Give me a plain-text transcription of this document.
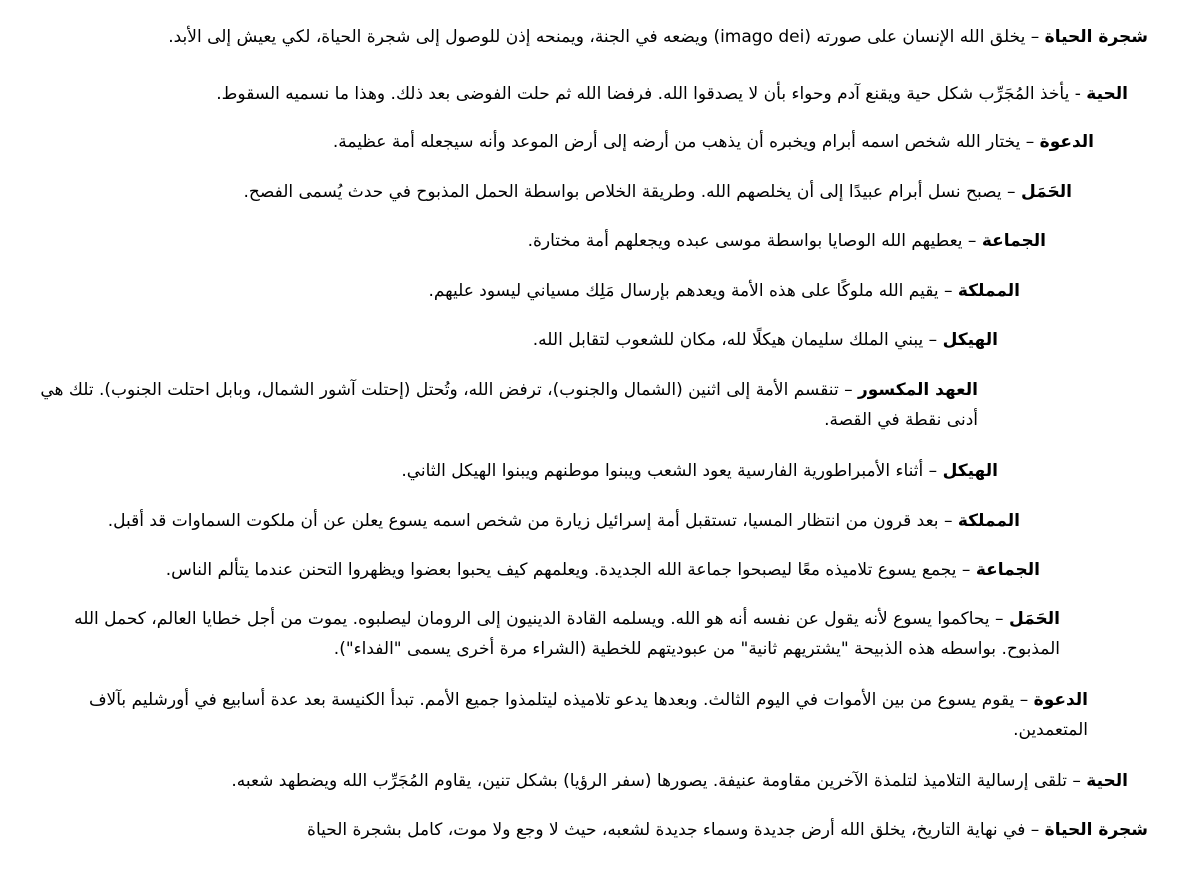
شجرة الحياة – يخلق الله الإنسان على صورته (imago dei) ويضعه في الجنة، ويمنحه إذن للوصول إلى شجرة الحياة، لكي يعيش إلى الأبد.

الحية - يأخذ المُجَرِّب شكل حية ويقنع آدم وحواء بأن لا يصدقوا الله. فرفضا الله ثم حلت الفوضى بعد ذلك. وهذا ما نسميه السقوط.

الدعوة – يختار الله شخص اسمه أبرام ويخبره أن يذهب من أرضه إلى أرض الموعد وأنه سيجعله أمة عظيمة.

الحَمَل – يصبح نسل أبرام عبيدًا إلى أن يخلصهم الله. وطريقة الخلاص بواسطة الحمل المذبوح في حدث يُسمى الفصح.

الجماعة – يعطيهم الله الوصايا بواسطة موسى عبده ويجعلهم أمة مختارة.

المملكة – يقيم الله ملوكًا على هذه الأمة ويعدهم بإرسال مَلِك مسياني ليسود عليهم.

الهيكل – يبني الملك سليمان هيكلًا لله، مكان للشعوب لتقابل الله.

العهد المكسور – تنقسم الأمة إلى اثنين (الشمال والجنوب)، ترفض الله، وتُحتل (إحتلت آشور الشمال، وبابل احتلت الجنوب). تلك هي أدنى نقطة في القصة.

الهيكل – أثناء الأمبراطورية الفارسية يعود الشعب ويبنوا موطنهم ويبنوا الهيكل الثاني.

المملكة – بعد قرون من انتظار المسيا، تستقبل أمة إسرائيل زيارة من شخص اسمه يسوع يعلن عن أن ملكوت السماوات قد أقبل.

الجماعة – يجمع يسوع تلاميذه معًا ليصبحوا جماعة الله الجديدة. ويعلمهم كيف يحبوا بعضوا ويظهروا التحنن عندما يتألم الناس.

الحَمَل – يحاكموا يسوع لأنه يقول عن نفسه أنه هو الله. ويسلمه القادة الدينيون إلى الرومان ليصلبوه. يموت من أجل خطايا العالم، كحمل الله المذبوح. بواسطه هذه الذبيحة "يشتريهم ثانية" من عبوديتهم للخطية (الشراء مرة أخرى يسمى "الفداء").

الدعوة – يقوم يسوع من بين الأموات في اليوم الثالث. وبعدها يدعو تلاميذه ليتلمذوا جميع الأمم. تبدأ الكنيسة بعد عدة أسابيع في أورشليم بآلاف المتعمدين.

الحية – تلقى إرسالية التلاميذ لتلمذة الآخرين مقاومة عنيفة. يصورها (سفر الرؤيا) بشكل تنين، يقاوم المُجَرِّب الله ويضطهد شعبه.

شجرة الحياة – في نهاية التاريخ، يخلق الله أرض جديدة وسماء جديدة لشعبه، حيث لا وجع ولا موت، كامل بشجرة الحياة
